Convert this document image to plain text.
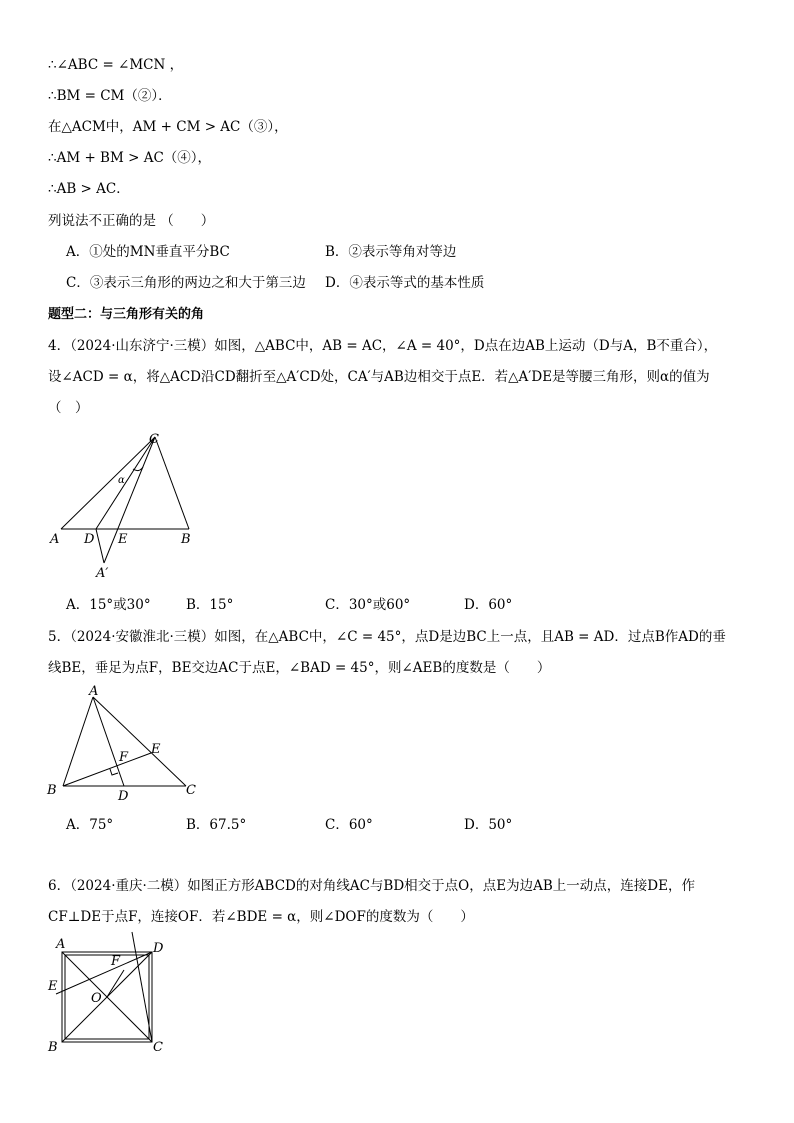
∴∠ABC = ∠MCN ，
∴BM = CM（②）．
在△ACM中，AM + CM > AC（③），
∴AM + BM > AC（④），
∴AB > AC．
列说法不正确的是 （　　）
A．①处的MN垂直平分BC	B．②表示等角对等边
C．③表示三角形的两边之和大于第三边 D．④表示等式的基本性质
题型二：与三角形有关的角
4．（2024·山东济宁·三模）如图，△ABC中，AB = AC，∠A = 40°，D点在边AB上运动（D与A，B不重合），
设∠ACD = α，将△ACD沿CD翻折至△A′CD处，CA′与AB边相交于点E．若△A′DE是等腰三角形，则α的值为
（　）
C
A D E	B
A′
α
A．15°或30°	B．15°	C．30°或60°	D．60°
5．（2024·安徽淮北·三模）如图，在△ABC中，∠C = 45°，点D是边BC上一点，且AB = AD．过点B作AD的垂
线BE，垂足为点F，BE交边AC于点E，∠BAD = 45°，则∠AEB的度数是（　　）
A
B	C
D
E
F
A．75°	B．67.5°	C．60°	D．50°
6．（2024·重庆·二模）如图正方形ABCD的对角线AC与BD相交于点O，点E为边AB上一动点，连接DE，作
CF⊥DE于点F，连接OF．若∠BDE = α，则∠DOF的度数为（　　）
A	D
E
F
O
B	C
